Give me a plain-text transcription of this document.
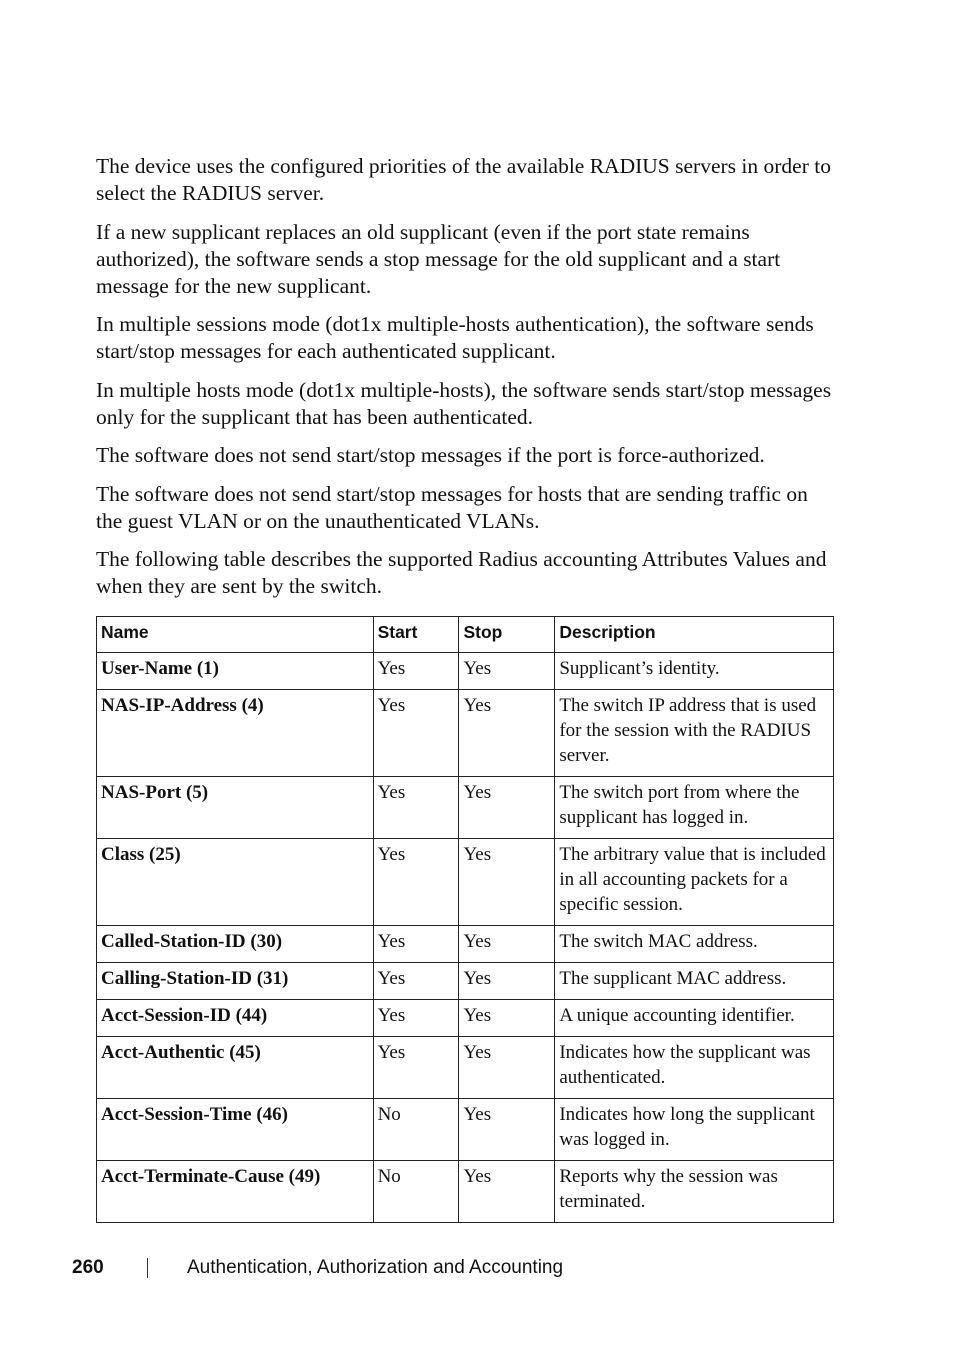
The device uses the configured priorities of the available RADIUS servers in order to select the RADIUS server.

If a new supplicant replaces an old supplicant (even if the port state remains authorized), the software sends a stop message for the old supplicant and a start message for the new supplicant.

In multiple sessions mode (dot1x multiple-hosts authentication), the software sends start/stop messages for each authenticated supplicant.

In multiple hosts mode (dot1x multiple-hosts), the software sends start/stop messages only for the supplicant that has been authenticated.

The software does not send start/stop messages if the port is force-authorized.

The software does not send start/stop messages for hosts that are sending traffic on the guest VLAN or on the unauthenticated VLANs.

The following table describes the supported Radius accounting Attributes Values and when they are sent by the switch.

Name	Start	Stop	Description
User-Name (1)	Yes	Yes	Supplicant’s identity.
NAS-IP-Address (4)	Yes	Yes	The switch IP address that is used for the session with the RADIUS server.
NAS-Port (5)	Yes	Yes	The switch port from where the supplicant has logged in.
Class (25)	Yes	Yes	The arbitrary value that is included in all accounting packets for a specific session.
Called-Station-ID (30)	Yes	Yes	The switch MAC address.
Calling-Station-ID (31)	Yes	Yes	The supplicant MAC address.
Acct-Session-ID (44)	Yes	Yes	A unique accounting identifier.
Acct-Authentic (45)	Yes	Yes	Indicates how the supplicant was authenticated.
Acct-Session-Time (46)	No	Yes	Indicates how long the supplicant was logged in.
Acct-Terminate-Cause (49)	No	Yes	Reports why the session was terminated.
260	Authentication, Authorization and Accounting
